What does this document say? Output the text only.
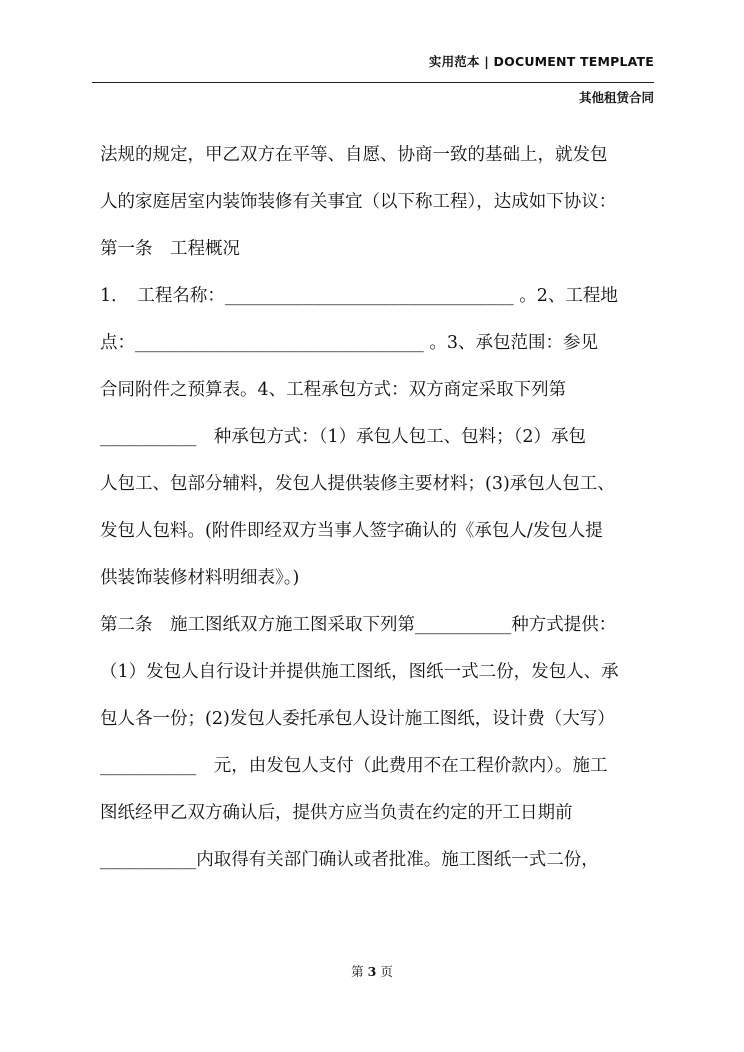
实用范本 | DOCUMENT TEMPLATE
其他租赁合同
法规的规定，甲乙双方在平等、自愿、协商一致的基础上，就发包
人的家庭居室内装饰装修有关事宜（以下称工程），达成如下协议：
第一条　工程概况
1．　工程名称：_________________________________ 。2、工程地
点：_________________________________ 。3、承包范围：参见
合同附件之预算表。4、工程承包方式：双方商定采取下列第
___________　种承包方式：（1）承包人包工、包料；（2）承包
人包工、包部分辅料，发包人提供装修主要材料；(3)承包人包工、
发包人包料。(附件即经双方当事人签字确认的《承包人/发包人提
供装饰装修材料明细表》。)
第二条　施工图纸双方施工图采取下列第___________种方式提供：
（1）发包人自行设计并提供施工图纸，图纸一式二份，发包人、承
包人各一份；(2)发包人委托承包人设计施工图纸，设计费（大写）
___________　元，由发包人支付（此费用不在工程价款内）。施工
图纸经甲乙双方确认后，提供方应当负责在约定的开工日期前
___________内取得有关部门确认或者批准。施工图纸一式二份，
第 3 页
